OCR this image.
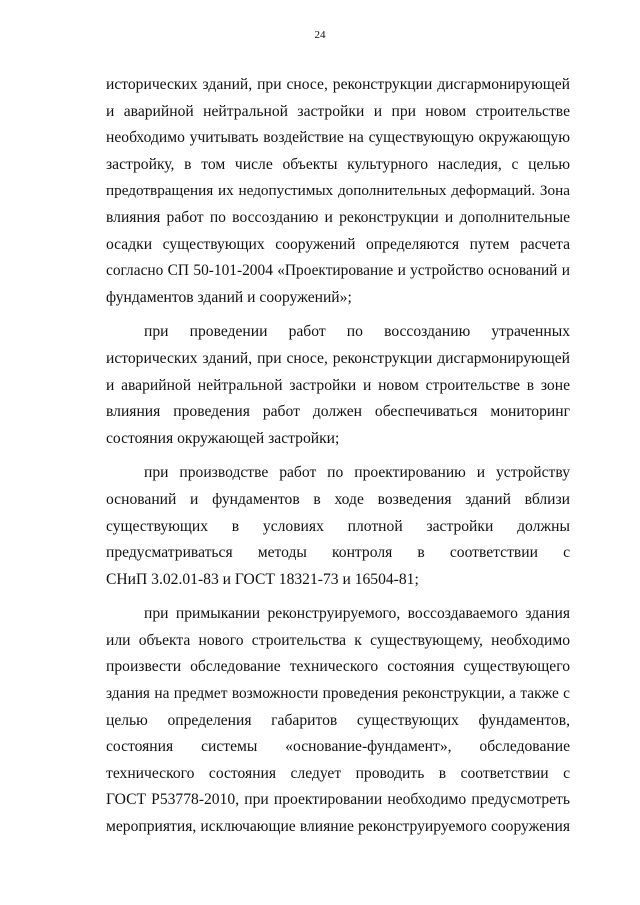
24
исторических зданий, при сносе, реконструкции дисгармонирующей
и аварийной нейтральной застройки и при новом строительстве
необходимо учитывать воздействие на существующую окружающую
застройку, в том числе объекты культурного наследия, с целью
предотвращения их недопустимых дополнительных деформаций. Зона
влияния работ по воссозданию и реконструкции и дополнительные
осадки существующих сооружений определяются путем расчета
согласно СП 50-101-2004 «Проектирование и устройство оснований и
фундаментов зданий и сооружений»;
при проведении работ по воссозданию утраченных
исторических зданий, при сносе, реконструкции дисгармонирующей
и аварийной нейтральной застройки и новом строительстве в зоне
влияния проведения работ должен обеспечиваться мониторинг
состояния окружающей застройки;
при производстве работ по проектированию и устройству
оснований и фундаментов в ходе возведения зданий вблизи
существующих в условиях плотной застройки должны
предусматриваться методы контроля в соответствии с
СНиП 3.02.01-83 и ГОСТ 18321-73 и 16504-81;
при примыкании реконструируемого, воссоздаваемого здания
или объекта нового строительства к существующему, необходимо
произвести обследование технического состояния существующего
здания на предмет возможности проведения реконструкции, а также с
целью определения габаритов существующих фундаментов,
состояния системы «основание-фундамент», обследование
технического состояния следует проводить в соответствии с
ГОСТ Р53778-2010, при проектировании необходимо предусмотреть
мероприятия, исключающие влияние реконструируемого сооружения
